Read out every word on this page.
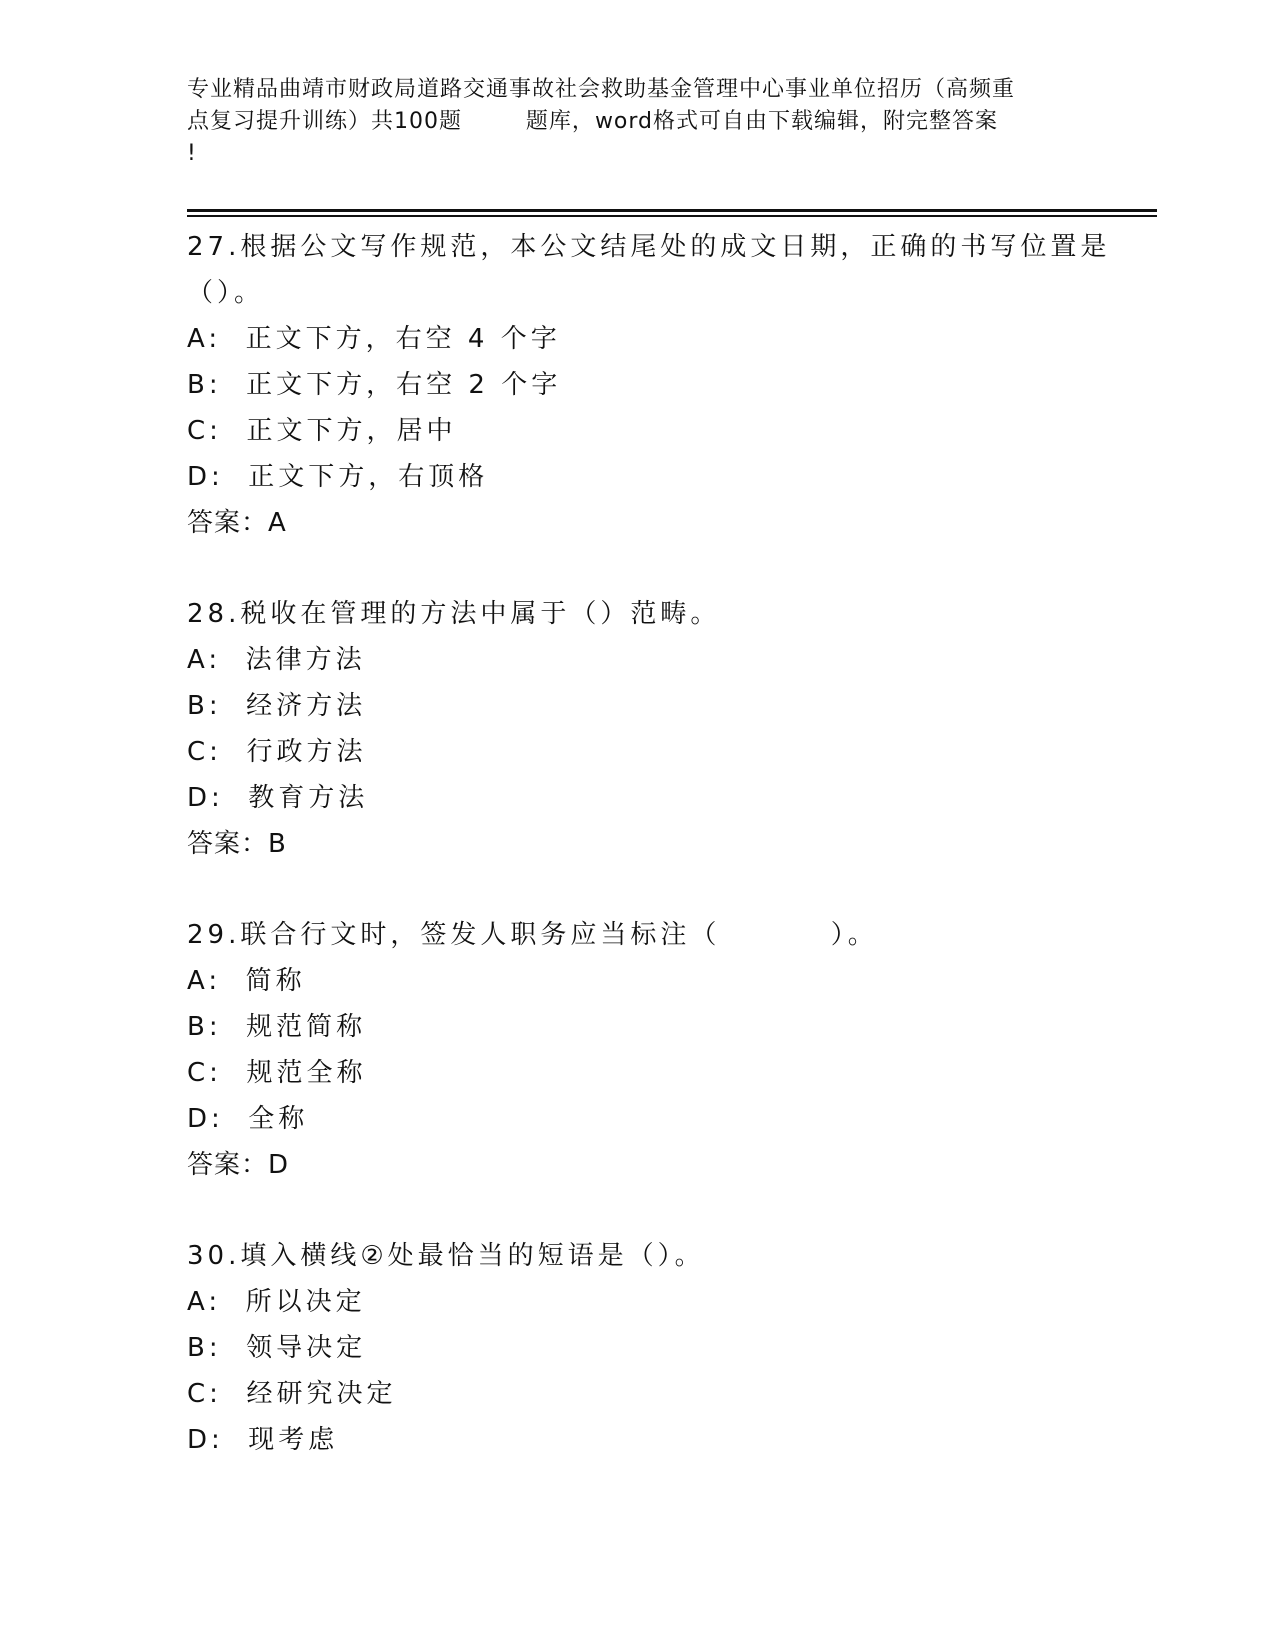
专业精品曲靖市财政局道路交通事故社会救助基金管理中心事业单位招历（高频重
点复习提升训练）共100题        题库，word格式可自由下载编辑，附完整答案
!
27.根据公文写作规范，本公文结尾处的成文日期，正确的书写位置是
（）。
A:  正文下方，右空 4 个字
B:  正文下方，右空 2 个字
C:  正文下方，居中
D:  正文下方，右顶格
答案：A
28.税收在管理的方法中属于（）范畴。
A:  法律方法
B:  经济方法
C:  行政方法
D:  教育方法
答案：B
29.联合行文时，签发人职务应当标注（         ）。
A:  简称
B:  规范简称
C:  规范全称
D:  全称
答案：D
30.填入横线②处最恰当的短语是（）。
A:  所以决定
B:  领导决定
C:  经研究决定
D:  现考虑
